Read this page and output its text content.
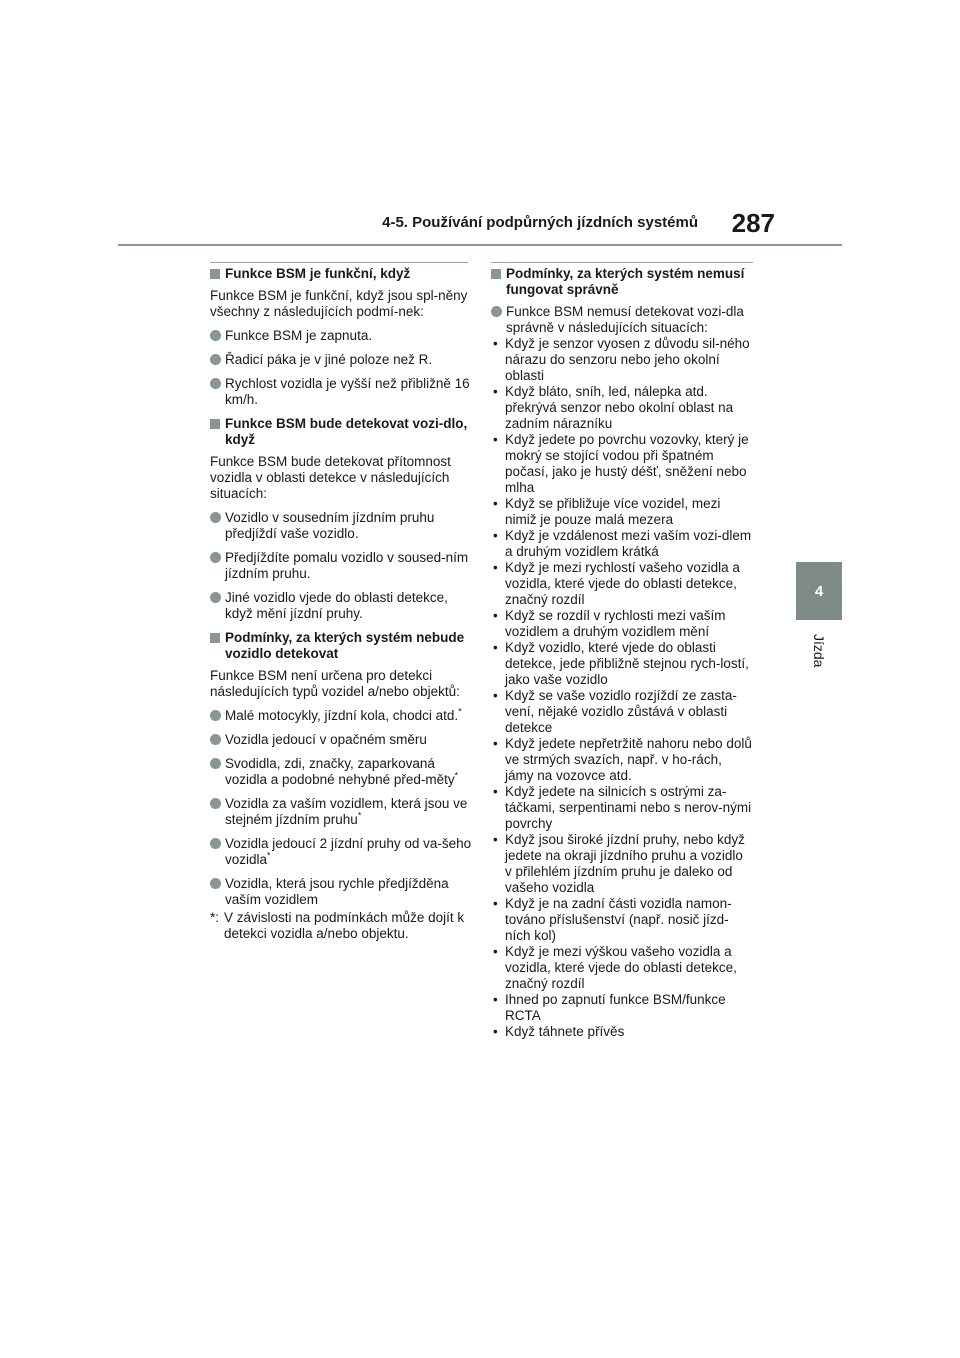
4-5. Používání podpůrných jízdních systémů	287
4
Jízda
Funkce BSM je funkční, když
Funkce BSM je funkční, když jsou spl-něny všechny z následujících podmí-nek:
Funkce BSM je zapnuta.
Řadicí páka je v jiné poloze než R.
Rychlost vozidla je vyšší než přibližně 16 km/h.
Funkce BSM bude detekovat vozi-dlo, když
Funkce BSM bude detekovat přítomnost vozidla v oblasti detekce v následujících situacích:
Vozidlo v sousedním jízdním pruhu předjíždí vaše vozidlo.
Předjíždíte pomalu vozidlo v soused-ním jízdním pruhu.
Jiné vozidlo vjede do oblasti detekce, když mění jízdní pruhy.
Podmínky, za kterých systém nebude vozidlo detekovat
Funkce BSM není určena pro detekci následujících typů vozidel a/nebo objektů:
Malé motocykly, jízdní kola, chodci atd.*
Vozidla jedoucí v opačném směru
Svodidla, zdi, značky, zaparkovaná vozidla a podobné nehybné před-měty*
Vozidla za vaším vozidlem, která jsou ve stejném jízdním pruhu*
Vozidla jedoucí 2 jízdní pruhy od va-šeho vozidla*
Vozidla, která jsou rychle předjížděna vaším vozidlem
*: V závislosti na podmínkách může dojít k detekci vozidla a/nebo objektu.
Podmínky, za kterých systém nemusí fungovat správně
Funkce BSM nemusí detekovat vozi-dla správně v následujících situacích:
• Když je senzor vyosen z důvodu sil-ného nárazu do senzoru nebo jeho okolní oblasti
• Když bláto, sníh, led, nálepka atd. překrývá senzor nebo okolní oblast na zadním nárazníku
• Když jedete po povrchu vozovky, který je mokrý se stojící vodou při špatném počasí, jako je hustý déšť, sněžení nebo mlha
• Když se přibližuje více vozidel, mezi nimiž je pouze malá mezera
• Když je vzdálenost mezi vaším vozi-dlem a druhým vozidlem krátká
• Když je mezi rychlostí vašeho vozidla a vozidla, které vjede do oblasti detekce, značný rozdíl
• Když se rozdíl v rychlosti mezi vaším vozidlem a druhým vozidlem mění
• Když vozidlo, které vjede do oblasti detekce, jede přibližně stejnou rych-lostí, jako vaše vozidlo
• Když se vaše vozidlo rozjíždí ze zasta-vení, nějaké vozidlo zůstává v oblasti detekce
• Když jedete nepřetržitě nahoru nebo dolů ve strmých svazích, např. v ho-rách, jámy na vozovce atd.
• Když jedete na silnicích s ostrými za-táčkami, serpentinami nebo s nerov-nými povrchy
• Když jsou široké jízdní pruhy, nebo když jedete na okraji jízdního pruhu a vozidlo v přilehlém jízdním pruhu je daleko od vašeho vozidla
• Když je na zadní části vozidla namon-továno příslušenství (např. nosič jízd-ních kol)
• Když je mezi výškou vašeho vozidla a vozidla, které vjede do oblasti detekce, značný rozdíl
• Ihned po zapnutí funkce BSM/funkce RCTA
• Když táhnete přívěs
